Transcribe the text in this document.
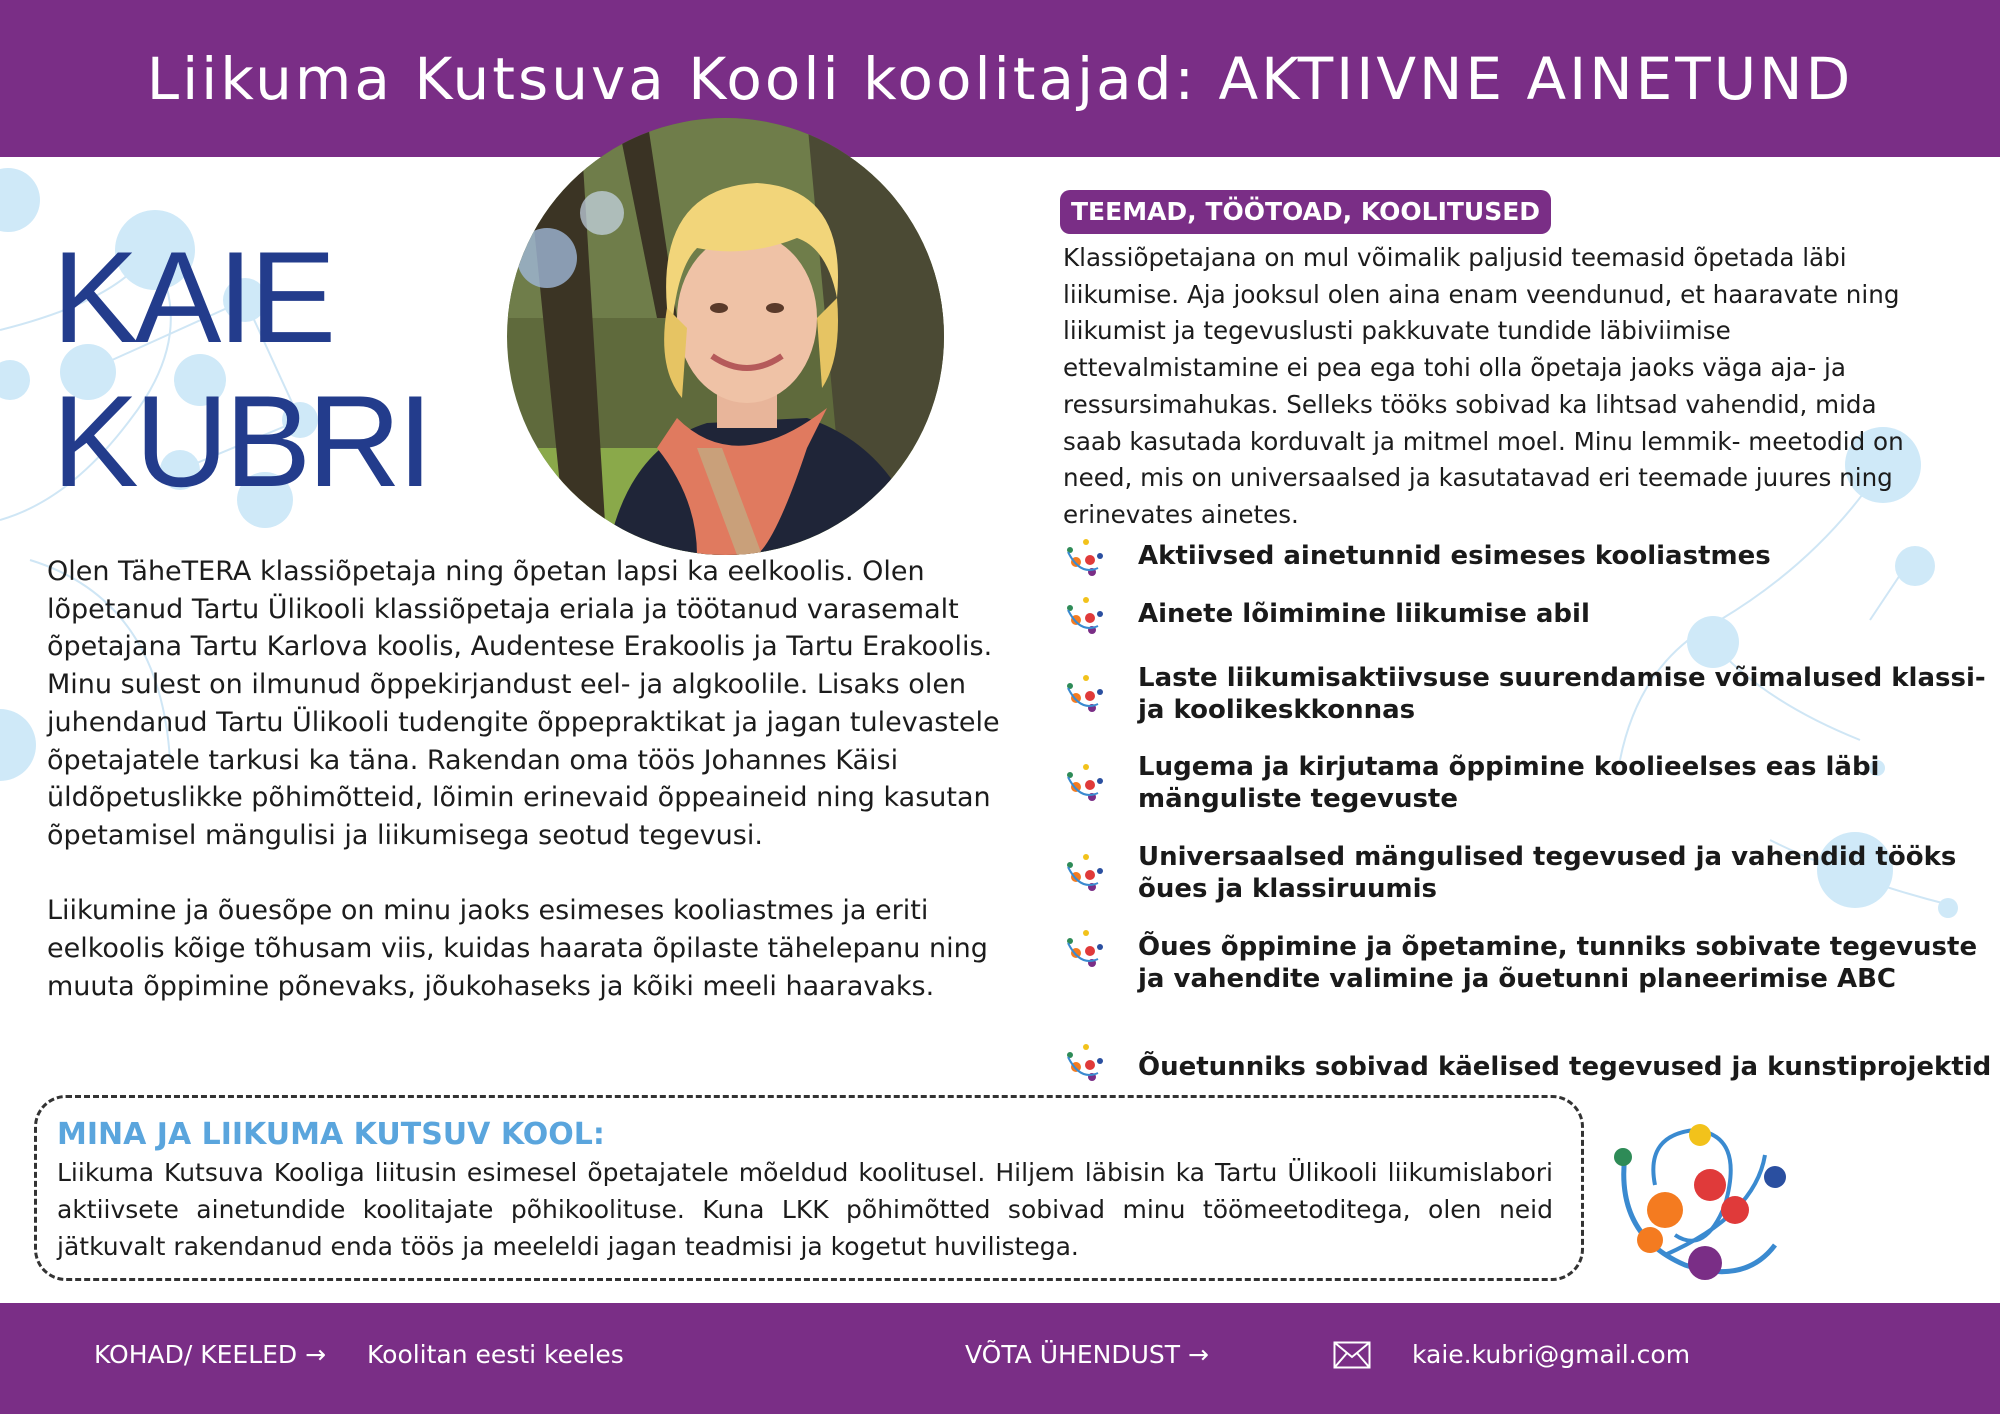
Liikuma Kutsuva Kooli koolitajad: AKTIIVNE AINETUND
KAIE
KUBRI

Olen TäheTERA klassiõpetaja ning õpetan lapsi ka eelkoolis. Olen lõpetanud Tartu Ülikooli klassiõpetaja eriala ja töötanud varasemalt õpetajana Tartu Karlova koolis, Audentese Erakoolis ja Tartu Erakoolis. Minu sulest on ilmunud õppekirjandust eel- ja algkoolile. Lisaks olen juhendanud Tartu Ülikooli tudengite õppepraktikat ja jagan tulevastele õpetajatele tarkusi ka täna. Rakendan oma töös Johannes Käisi üldõpetuslikke põhimõtteid, lõimin erinevaid õppeaineid ning kasutan õpetamisel mängulisi ja liikumisega seotud tegevusi.

Liikumine ja õuesõpe on minu jaoks esimeses kooliastmes ja eriti eelkoolis kõige tõhusam viis, kuidas haarata õpilaste tähelepanu ning muuta õppimine põnevaks, jõukohaseks ja kõiki meeli haaravaks.

TEEMAD, TÖÖTOAD, KOOLITUSED
Klassiõpetajana on mul võimalik paljusid teemasid õpetada läbi liikumise. Aja jooksul olen aina enam veendunud, et haaravate ning liikumist ja tegevuslusti pakkuvate tundide läbiviimise ettevalmistamine ei pea ega tohi olla õpetaja jaoks väga aja- ja ressursimahukas. Selleks tööks sobivad ka lihtsad vahendid, mida saab kasutada korduvalt ja mitmel moel. Minu lemmik- meetodid on need, mis on universaalsed ja kasutatavad eri teemade juures ning erinevates ainetes.
Aktiivsed ainetunnid esimeses kooliastmes
Ainete lõimimine liikumise abil
Laste liikumisaktiivsuse suurendamise võimalused klassi- ja koolikeskkonnas
Lugema ja kirjutama õppimine koolieelses eas läbi mänguliste tegevuste
Universaalsed mängulised tegevused ja vahendid tööks õues ja klassiruumis
Õues õppimine ja õpetamine, tunniks sobivate tegevuste ja vahendite valimine ja õuetunni planeerimise ABC
Õuetunniks sobivad käelised tegevused ja kunstiprojektid
MINA JA LIIKUMA KUTSUV KOOL:

Liikuma Kutsuva Kooliga liitusin esimesel õpetajatele mõeldud koolitusel. Hiljem läbisin ka Tartu Ülikooli liikumislabori aktiivsete ainetundide koolitajate põhikoolituse. Kuna LKK põhimõtted sobivad minu töömeetoditega, olen neid jätkuvalt rakendanud enda töös ja meeleldi jagan teadmisi ja kogetut huvilistega.

KOHAD/ KEELED → Koolitan eesti keeles	VÕTA ÜHENDUST →	kaie.kubri@gmail.com
